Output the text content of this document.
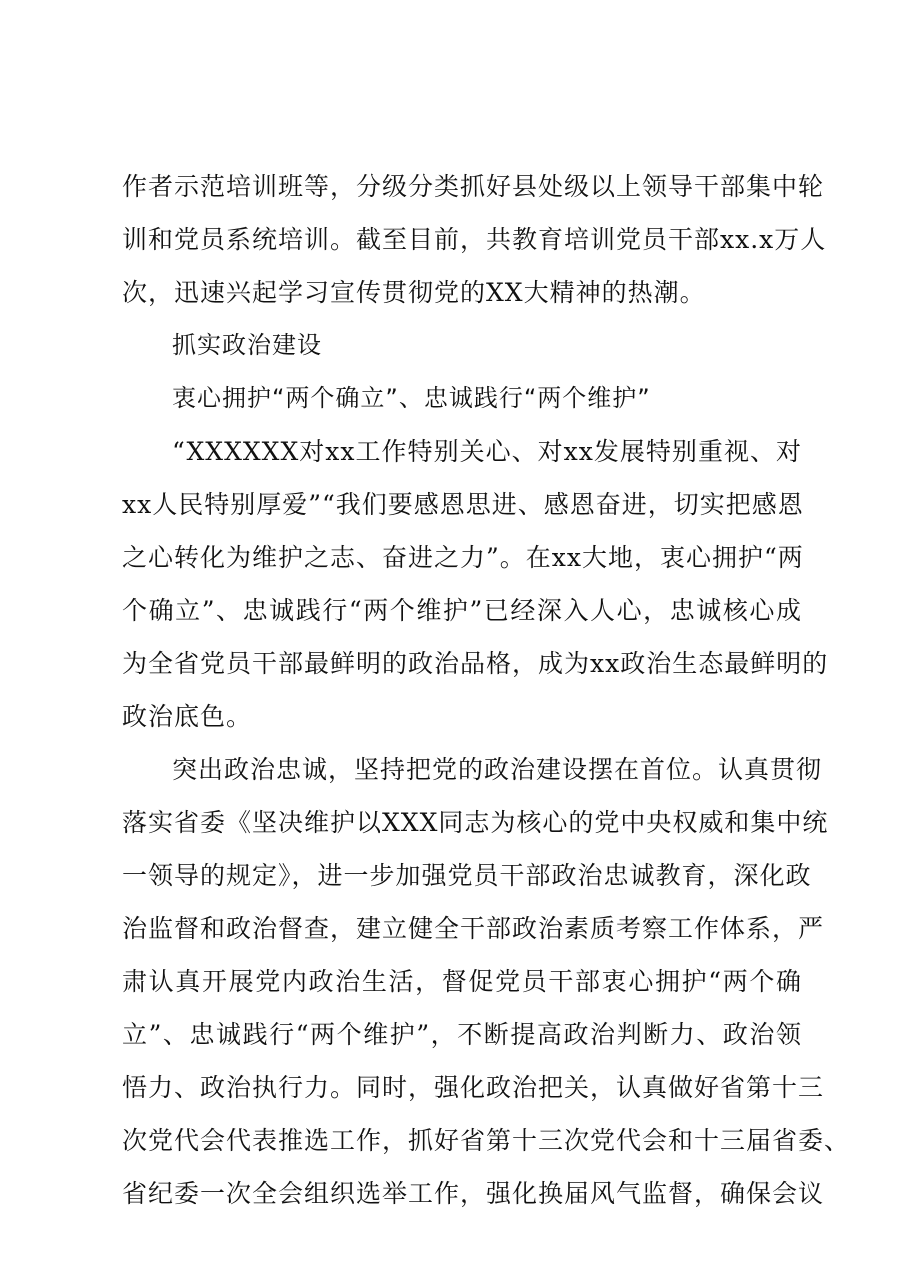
作者示范培训班等，分级分类抓好县处级以上领导干部集中轮
训和党员系统培训。截至目前，共教育培训党员干部xx.x万人
次，迅速兴起学习宣传贯彻党的XX大精神的热潮。
抓实政治建设
衷心拥护“两个确立”、忠诚践行“两个维护”
“XXXXXX对xx工作特别关心、对xx发展特别重视、对
xx人民特别厚爱”“我们要感恩思进、感恩奋进，切实把感恩
之心转化为维护之志、奋进之力”。在xx大地，衷心拥护“两
个确立”、忠诚践行“两个维护”已经深入人心，忠诚核心成
为全省党员干部最鲜明的政治品格，成为xx政治生态最鲜明的
政治底色。
突出政治忠诚，坚持把党的政治建设摆在首位。认真贯彻
落实省委《坚决维护以XXX同志为核心的党中央权威和集中统
一领导的规定》，进一步加强党员干部政治忠诚教育，深化政
治监督和政治督查，建立健全干部政治素质考察工作体系，严
肃认真开展党内政治生活，督促党员干部衷心拥护“两个确
立”、忠诚践行“两个维护”，不断提高政治判断力、政治领
悟力、政治执行力。同时，强化政治把关，认真做好省第十三
次党代会代表推选工作，抓好省第十三次党代会和十三届省委、
省纪委一次全会组织选举工作，强化换届风气监督，确保会议
